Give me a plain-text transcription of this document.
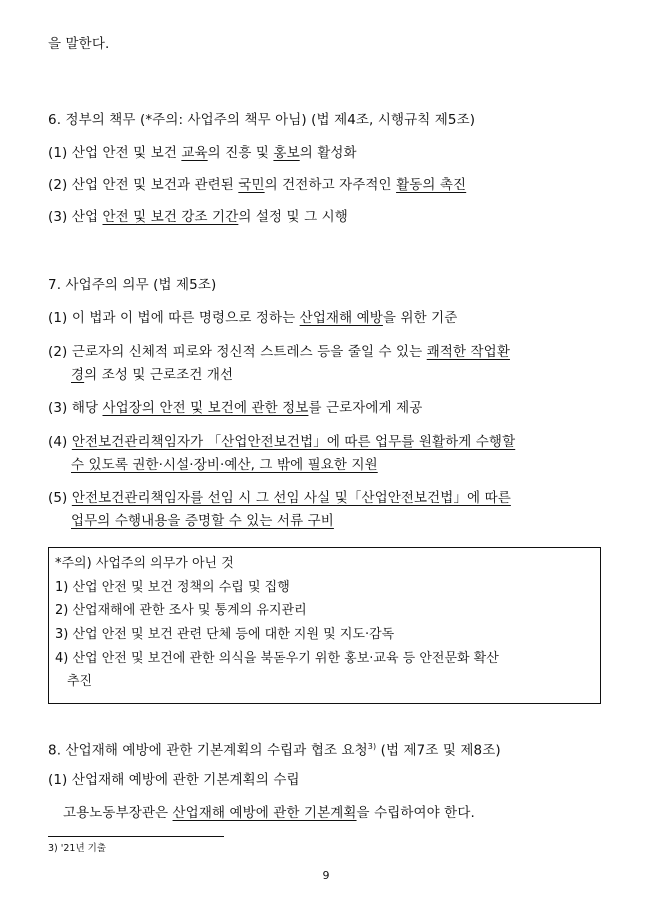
을 말한다.
6. 정부의 책무 (*주의: 사업주의 책무 아님) (법 제4조, 시행규칙 제5조)
(1) 산업 안전 및 보건 교육의 진흥 및 홍보의 활성화
(2) 산업 안전 및 보건과 관련된 국민의 건전하고 자주적인 활동의 촉진
(3) 산업 안전 및 보건 강조 기간의 설정 및 그 시행
7. 사업주의 의무 (법 제5조)
(1) 이 법과 이 법에 따른 명령으로 정하는 산업재해 예방을 위한 기준
(2) 근로자의 신체적 피로와 정신적 스트레스 등을 줄일 수 있는 쾌적한 작업환
경의 조성 및 근로조건 개선
(3) 해당 사업장의 안전 및 보건에 관한 정보를 근로자에게 제공
(4) 안전보건관리책임자가 「산업안전보건법」에 따른 업무를 원활하게 수행할
수 있도록 권한·시설·장비·예산, 그 밖에 필요한 지원
(5) 안전보건관리책임자를 선임 시 그 선임 사실 및「산업안전보건법」에 따른
업무의 수행내용을 증명할 수 있는 서류 구비
*주의) 사업주의 의무가 아닌 것
1) 산업 안전 및 보건 정책의 수립 및 집행
2) 산업재해에 관한 조사 및 통계의 유지관리
3) 산업 안전 및 보건 관련 단체 등에 대한 지원 및 지도·감독
4) 산업 안전 및 보건에 관한 의식을 북돋우기 위한 홍보·교육 등 안전문화 확산
추진
8. 산업재해 예방에 관한 기본계획의 수립과 협조 요청$^{3)}$ (법 제7조 및 제8조)
(1) 산업재해 예방에 관한 기본계획의 수립
고용노동부장관은 산업재해 예방에 관한 기본계획을 수립하여야 한다.
3) '21년 기출
9
